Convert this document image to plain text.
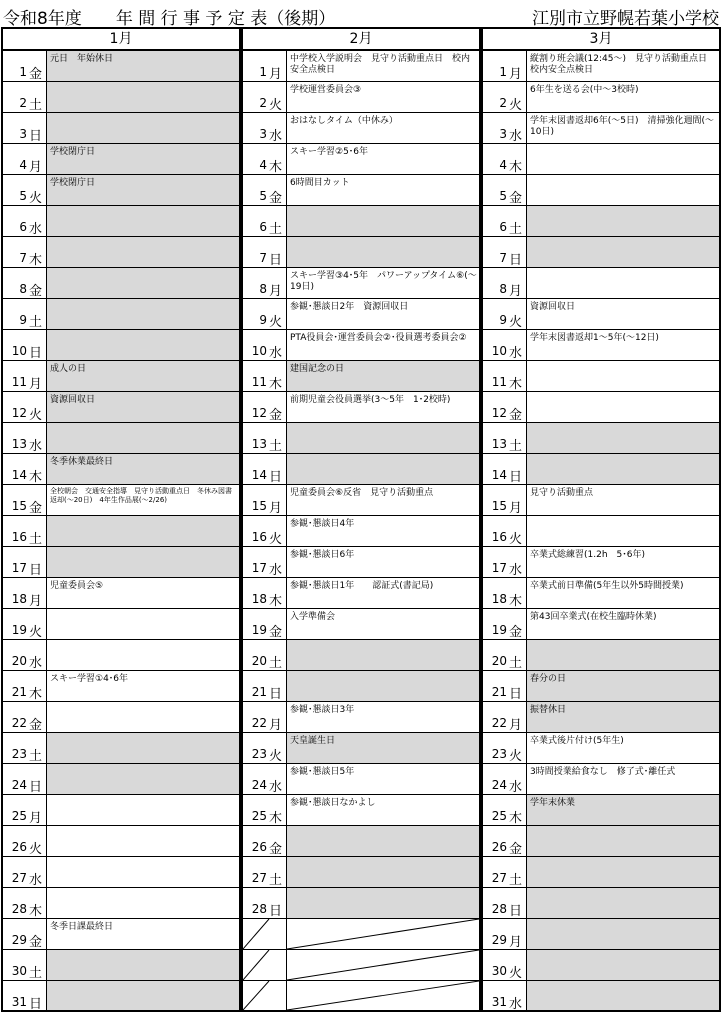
令和8年度　　年 間 行 事 予 定 表（後期）	江別市立野幌若葉小学校
1月
1 金
元日　年始休日
2 土
3 日
4 月
学校閉庁日
5 火
学校閉庁日
6 水
7 木
8 金
9 土
10 日
11 月
成人の日
12 火
資源回収日
13 水
14 木
冬季休業最終日
15 金
全校朝会　交通安全指導　見守り活動重点日　冬休み図書返却(～20日)　4年生作品展(～2/26)
16 土
17 日
18 月
児童委員会⑤
19 火
20 水
21 木
スキー学習①4･6年
22 金
23 土
24 日
25 月
26 火
27 水
28 木
29 金
冬季日課最終日
30 土
31 日
2月
1 月
中学校入学説明会　見守り活動重点日　校内安全点検日
2 火
学校運営委員会③
3 水
おはなしタイム（中休み）
4 木
スキー学習②5･6年
5 金
6時間目カット
6 土
7 日
8 月
スキー学習③4･5年　パワーアップタイム⑥(～19日)
9 火
参観･懇談日2年　資源回収日
10 水
PTA役員会･運営委員会②･役員選考委員会②
11 木
建国記念の日
12 金
前期児童会役員選挙(3～5年　1･2校時)
13 土
14 日
15 月
児童委員会⑥反省　見守り活動重点
16 火
参観･懇談日4年
17 水
参観･懇談日6年
18 木
参観･懇談日1年　　認証式(書記局)
19 金
入学準備会
20 土
21 日
22 月
参観･懇談日3年
23 火
天皇誕生日
24 水
参観･懇談日5年
25 木
参観･懇談日なかよし
26 金
27 土
28 日
3月
1 月
縦割り班会議(12:45～)　見守り活動重点日　校内安全点検日
2 火
6年生を送る会(中～3校時)
3 水
学年末図書返却6年(～5日)　清掃強化週間(～10日)
4 木
5 金
6 土
7 日
8 月
9 火
資源回収日
10 水
学年末図書返却1～5年(～12日)
11 木
12 金
13 土
14 日
15 月
見守り活動重点
16 火
17 水
卒業式総練習(1.2h　5･6年)
18 木
卒業式前日準備(5年生以外5時間授業)
19 金
第43回卒業式(在校生臨時休業)
20 土
21 日
春分の日
22 月
振替休日
23 火
卒業式後片付け(5年生)
24 水
3時間授業給食なし　修了式･離任式
25 木
学年末休業
26 金
27 土
28 日
29 月
30 火
31 水
